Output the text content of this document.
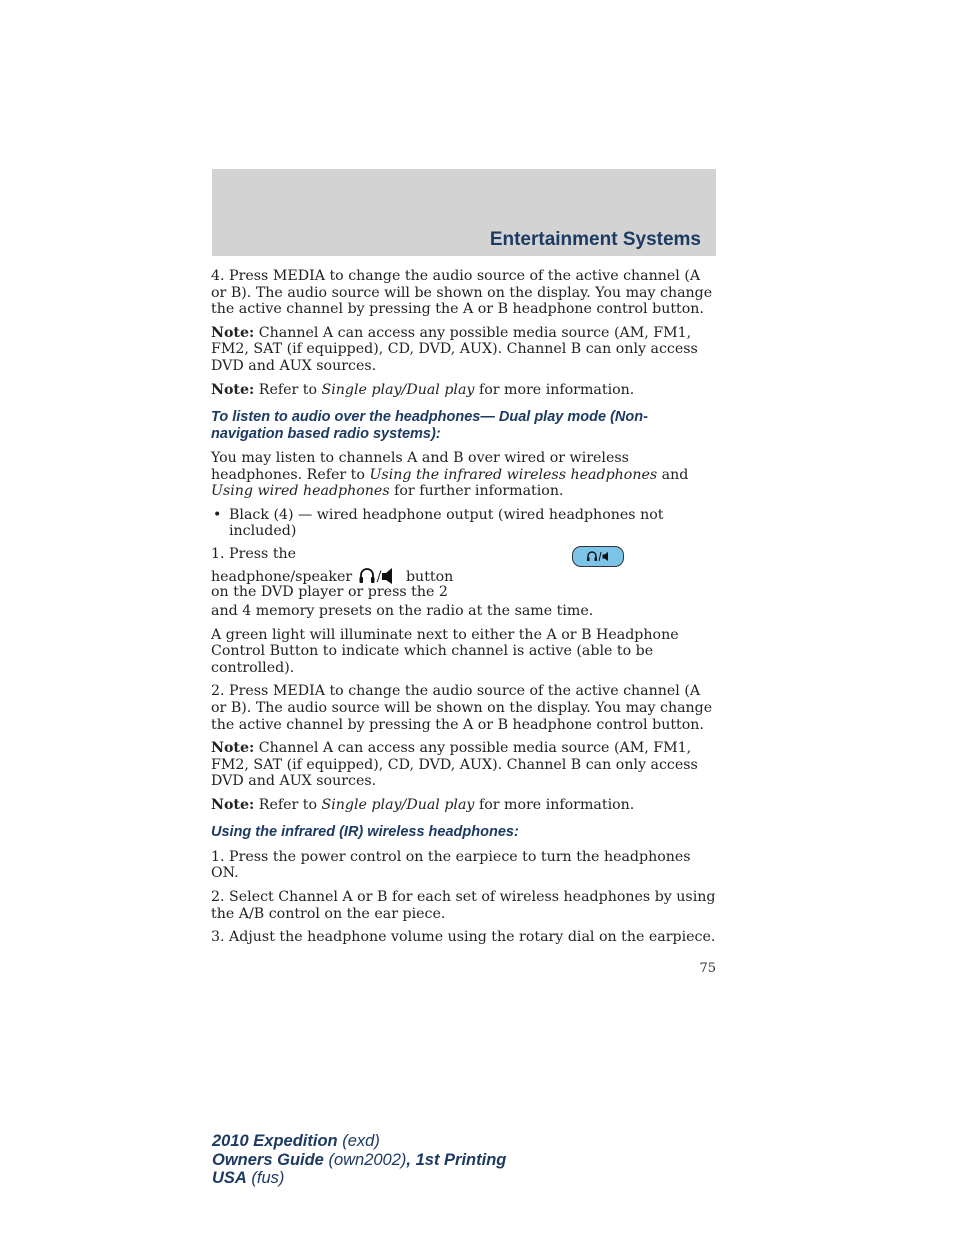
Entertainment Systems

4. Press MEDIA to change the audio source of the active channel (A or B). The audio source will be shown on the display. You may change the active channel by pressing the A or B headphone control button.

Note: Channel A can access any possible media source (AM, FM1, FM2, SAT (if equipped), CD, DVD, AUX). Channel B can only access DVD and AUX sources.

Note: Refer to Single play/Dual play for more information.

To listen to audio over the headphones— Dual play mode (Non-navigation based radio systems):

You may listen to channels A and B over wired or wireless headphones. Refer to Using the infrared wireless headphones and Using wired headphones for further information.

• Black (4) — wired headphone output (wired headphones not included)
1. Press the
headphone/speaker / button
on the DVD player or press the 2

and 4 memory presets on the radio at the same time.

A green light will illuminate next to either the A or B Headphone Control Button to indicate which channel is active (able to be controlled).

2. Press MEDIA to change the audio source of the active channel (A or B). The audio source will be shown on the display. You may change the active channel by pressing the A or B headphone control button.

Note: Channel A can access any possible media source (AM, FM1, FM2, SAT (if equipped), CD, DVD, AUX). Channel B can only access DVD and AUX sources.

Note: Refer to Single play/Dual play for more information.

Using the infrared (IR) wireless headphones:

1. Press the power control on the earpiece to turn the headphones ON.

2. Select Channel A or B for each set of wireless headphones by using the A/B control on the ear piece.

3. Adjust the headphone volume using the rotary dial on the earpiece.

75
2010 Expedition (exd)
Owners Guide (own2002), 1st Printing
USA (fus)
